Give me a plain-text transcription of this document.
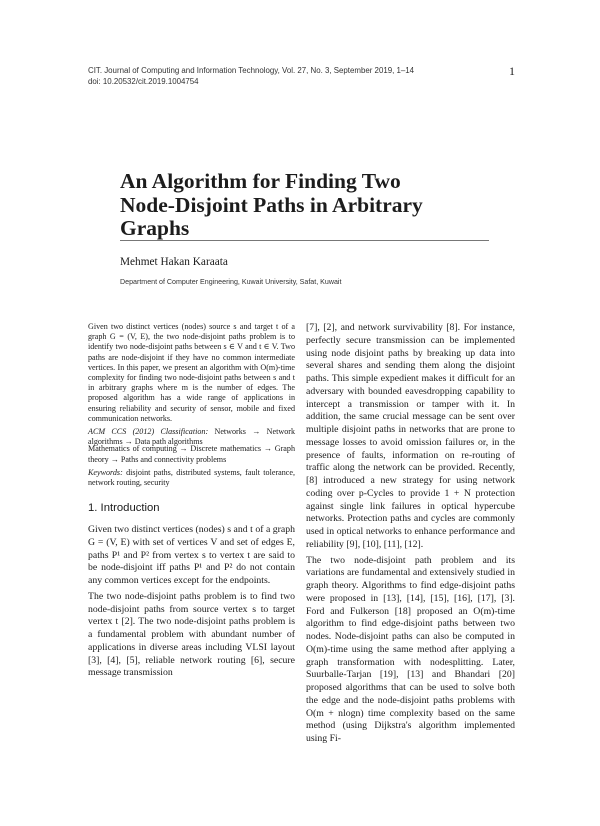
CIT. Journal of Computing and Information Technology, Vol. 27, No. 3, September 2019, 1–14
doi: 10.20532/cit.2019.1004754
1
An Algorithm for Finding Two
Node-Disjoint Paths in Arbitrary
Graphs
Mehmet Hakan Karaata
Department of Computer Engineering, Kuwait University, Safat, Kuwait

Given two distinct vertices (nodes) source s and target t of a graph G = (V, E), the two node-disjoint paths problem is to identify two node-disjoint paths between s ∈ V and t ∈ V. Two paths are node-disjoint if they have no common intermediate vertices. In this paper, we present an algorithm with O(m)-time complexity for finding two node-disjoint paths between s and t in arbitrary graphs where m is the number of edges. The proposed algorithm has a wide range of applications in ensuring reliability and security of sensor, mobile and fixed communication networks.

ACM CCS (2012) Classification: Networks → Network algorithms → Data path algorithms

Mathematics of computing → Discrete mathematics → Graph theory → Paths and connectivity problems

Keywords: disjoint paths, distributed systems, fault tolerance, network routing, security

1. Introduction

Given two distinct vertices (nodes) s and t of a graph G = (V, E) with set of vertices V and set of edges E, paths P¹ and P² from vertex s to vertex t are said to be node-disjoint iff paths P¹ and P² do not contain any common vertices except for the endpoints.

The two node-disjoint paths problem is to find two node-disjoint paths from source vertex s to target vertex t [2]. The two node-disjoint paths problem is a fundamental problem with abundant number of applications in diverse areas including VLSI layout [3], [4], [5], reliable network routing [6], secure message transmission

[7], [2], and network survivability [8]. For instance, perfectly secure transmission can be implemented using node disjoint paths by breaking up data into several shares and sending them along the disjoint paths. This simple expedient makes it difficult for an adversary with bounded eavesdropping capability to intercept a transmission or tamper with it. In addition, the same crucial message can be sent over multiple disjoint paths in networks that are prone to message losses to avoid omission failures or, in the presence of faults, information on re-routing of traffic along the network can be provided. Recently, [8] introduced a new strategy for using network coding over p-Cycles to provide 1 + N protection against single link failures in optical hypercube networks. Protection paths and cycles are commonly used in optical networks to enhance performance and reliability [9], [10], [11], [12].

The two node-disjoint path problem and its variations are fundamental and extensively studied in graph theory. Algorithms to find edge-disjoint paths were proposed in [13], [14], [15], [16], [17], [3]. Ford and Fulkerson [18] proposed an O(m)-time algorithm to find edge-disjoint paths between two nodes. Node-disjoint paths can also be computed in O(m)-time using the same method after applying a graph transformation with nodesplitting. Later, Suurballe-Tarjan [19], [13] and Bhandari [20] proposed algorithms that can be used to solve both the edge and the node-disjoint paths problems with O(m + nlogn) time complexity based on the same method (using Dijkstra's algorithm implemented using Fi-
